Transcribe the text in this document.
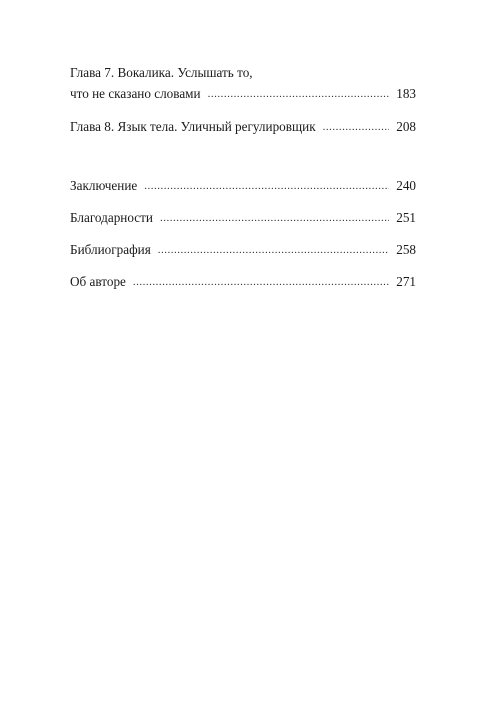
Глава 7. Вокалика. Услышать то,
что не сказано словами .....	183
Глава 8. Язык тела. Уличный регулировщик .....	208
Заключение .....	240
Благодарности .....	251
Библиография .....	258
Об авторе .....	271
